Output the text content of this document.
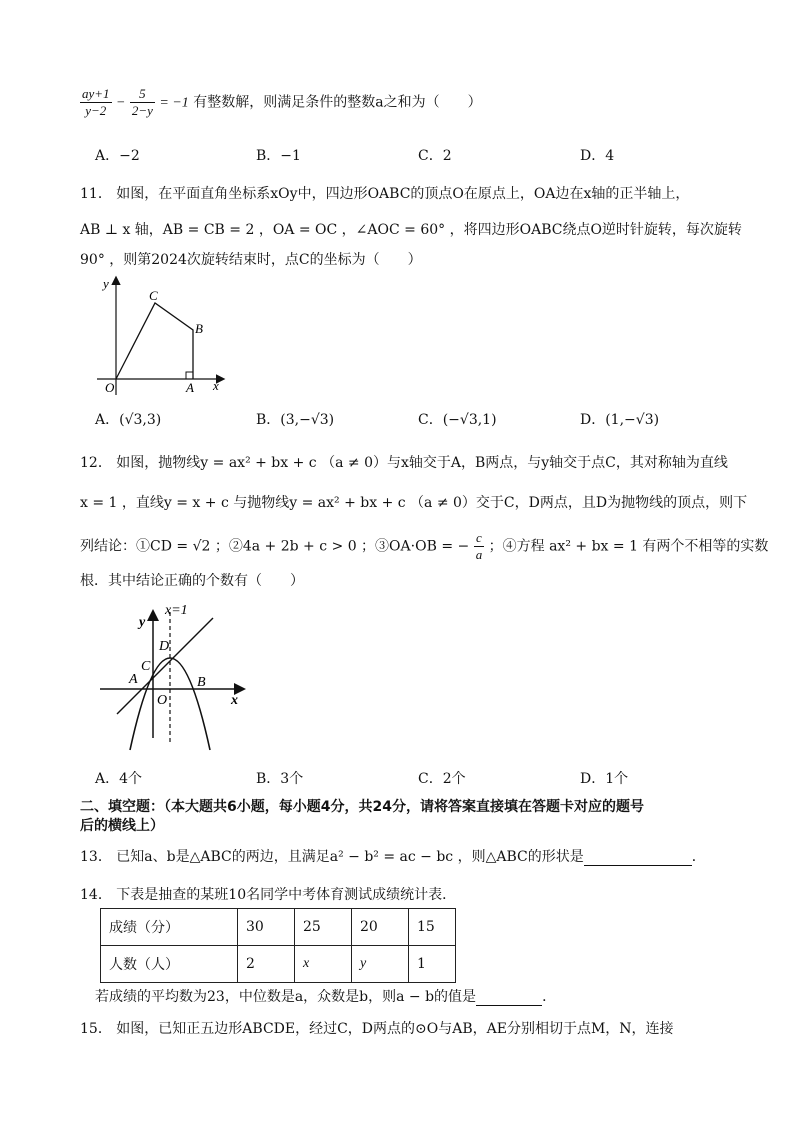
$\frac{ay+1}{y-2} - \frac{5}{2-y} = -1$ 有整数解，则满足条件的整数a之和为（　　）
A．−2	B．−1	C．2	D．4
11． 如图，在平面直角坐标系xOy中，四边形OABC的顶点O在原点上，OA边在x轴的正半轴上，
AB ⊥ x 轴，AB = CB = 2 ，OA = OC ，∠AOC = 60° ，将四边形OABC绕点O逆时针旋转，每次旋转
90° ，则第2024次旋转结束时，点C的坐标为（　　）
y
x
O	A
B
C
A．(√3,3)	B．(3,−√3)	C．(−√3,1)	D．(1,−√3)
12． 如图，抛物线y = ax² + bx + c （a ≠ 0）与x轴交于A，B两点，与y轴交于点C，其对称轴为直线
x = 1 ，直线y = x + c 与抛物线y = ax² + bx + c （a ≠ 0）交于C，D两点，且D为抛物线的顶点，则下
列结论：①CD = √2 ；②4a + 2b + c > 0 ；③OA·OB = − $\frac{c}{a}$ ；④方程 ax² + bx = 1 有两个不相等的实数
根．其中结论正确的个数有（　　）
x=1
y
x
O
A	B
C
D
A．4个	B．3个	C．2个	D．1个
二、填空题：（本大题共6小题，每小题4分，共24分，请将答案直接填在答题卡对应的题号
后的横线上）
13． 已知a、b是△ABC的两边，且满足a² − b² = ac − bc ，则△ABC的形状是	．
14． 下表是抽查的某班10名同学中考体育测试成绩统计表．
成绩（分）	30	25	20	15
人数（人）	2	x	y	1
若成绩的平均数为23，中位数是a，众数是b，则a − b的值是	．
15． 如图，已知正五边形ABCDE，经过C，D两点的⊙O与AB，AE分别相切于点M，N，连接
